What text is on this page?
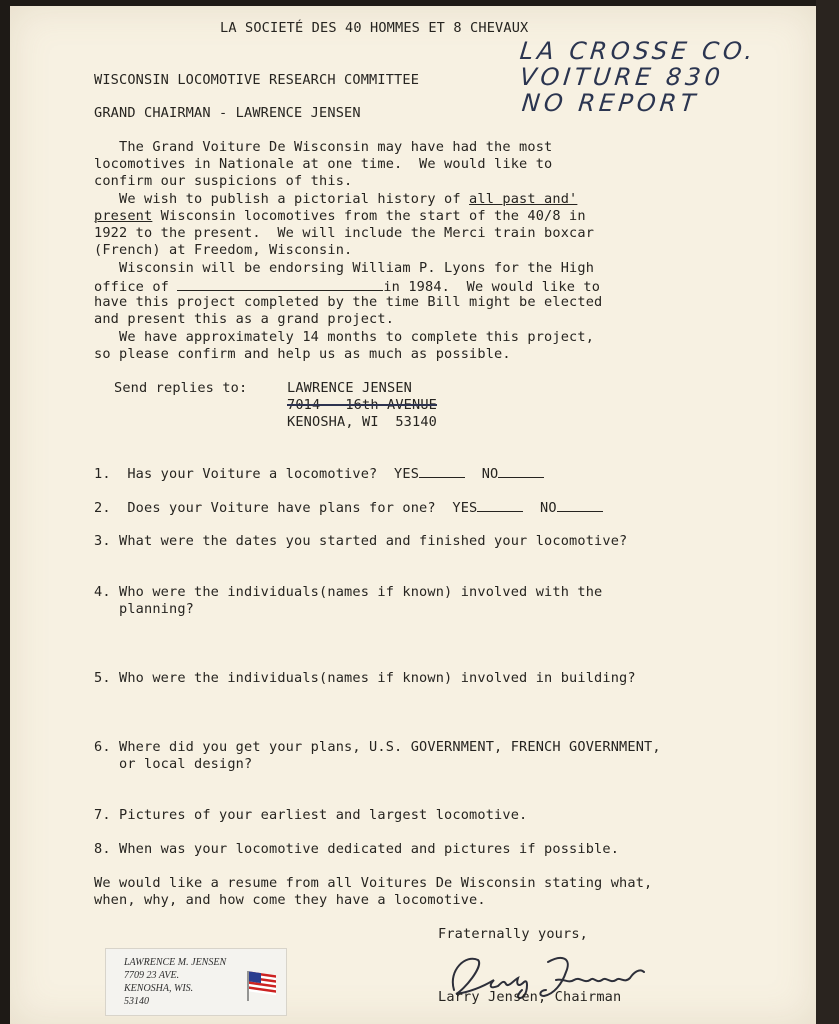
LA SOCIETÉ DES 40 HOMMES ET 8 CHEVAUX
WISCONSIN LOCOMOTIVE RESEARCH COMMITTEE
GRAND CHAIRMAN - LAWRENCE JENSEN
LA CROSSE CO.
VOITURE 830
NO REPORT
The Grand Voiture De Wisconsin may have had the most
locomotives in Nationale at one time.  We would like to
confirm our suspicions of this.
We wish to publish a pictorial history of all past and'
present Wisconsin locomotives from the start of the 40/8 in
1922 to the present.  We will include the Merci train boxcar
(French) at Freedom, Wisconsin.
Wisconsin will be endorsing William P. Lyons for the High
office of	in 1984.  We would like to
have this project completed by the time Bill might be elected
and present this as a grand project.
We have approximately 14 months to complete this project,
so please confirm and help us as much as possible.
Send replies to: LAWRENCE JENSEN
7014 - 16th AVENUE
KENOSHA, WI  53140
1.  Has your Voiture a locomotive?  YES	NO
2.  Does your Voiture have plans for one?  YES	NO
3. What were the dates you started and finished your locomotive?
4. Who were the individuals(names if known) involved with the
planning?
5. Who were the individuals(names if known) involved in building?
6. Where did you get your plans, U.S. GOVERNMENT, FRENCH GOVERNMENT,
or local design?
7. Pictures of your earliest and largest locomotive.
8. When was your locomotive dedicated and pictures if possible.
We would like a resume from all Voitures De Wisconsin stating what,
when, why, and how come they have a locomotive.
Fraternally yours,
Larry Jensen, Chairman
LAWRENCE M. JENSEN
7709 23 AVE.
KENOSHA, WIS.
53140
